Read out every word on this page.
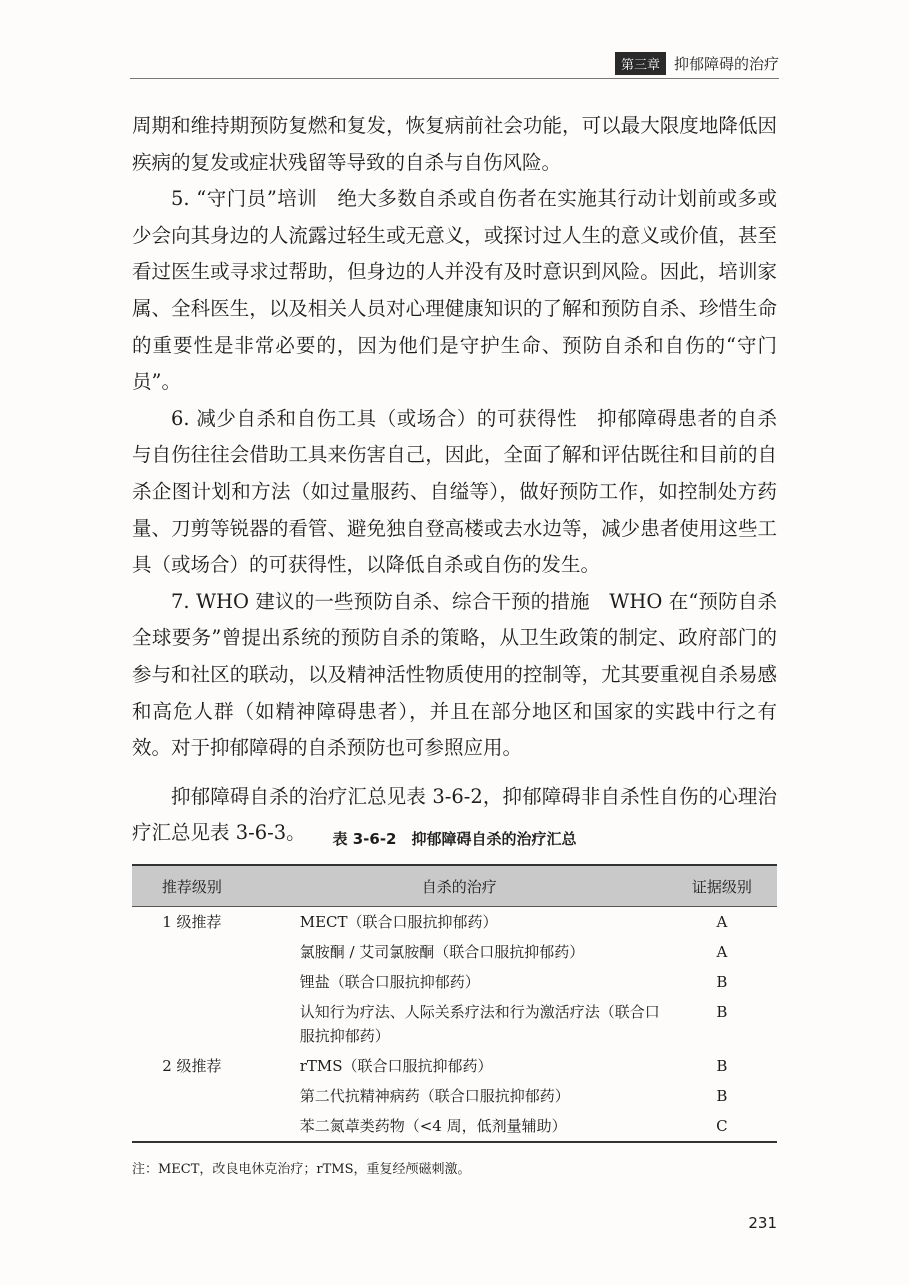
第三章 抑郁障碍的治疗

周期和维持期预防复燃和复发，恢复病前社会功能，可以最大限度地降低因疾病的复发或症状残留等导致的自杀与自伤风险。

5. “守门员”培训　绝大多数自杀或自伤者在实施其行动计划前或多或少会向其身边的人流露过轻生或无意义，或探讨过人生的意义或价值，甚至看过医生或寻求过帮助，但身边的人并没有及时意识到风险。因此，培训家属、全科医生，以及相关人员对心理健康知识的了解和预防自杀、珍惜生命的重要性是非常必要的，因为他们是守护生命、预防自杀和自伤的“守门员”。

6. 减少自杀和自伤工具（或场合）的可获得性　抑郁障碍患者的自杀与自伤往往会借助工具来伤害自己，因此，全面了解和评估既往和目前的自杀企图计划和方法（如过量服药、自缢等），做好预防工作，如控制处方药量、刀剪等锐器的看管、避免独自登高楼或去水边等，减少患者使用这些工具（或场合）的可获得性，以降低自杀或自伤的发生。

7. WHO 建议的一些预防自杀、综合干预的措施　WHO 在“预防自杀全球要务”曾提出系统的预防自杀的策略，从卫生政策的制定、政府部门的参与和社区的联动，以及精神活性物质使用的控制等，尤其要重视自杀易感和高危人群（如精神障碍患者），并且在部分地区和国家的实践中行之有效。对于抑郁障碍的自杀预防也可参照应用。

抑郁障碍自杀的治疗汇总见表 3-6-2，抑郁障碍非自杀性自伤的心理治疗汇总见表 3-6-3。	表 3-6-2　抑郁障碍自杀的治疗汇总
推荐级别	自杀的治疗	证据级别
1 级推荐	MECT（联合口服抗抑郁药）	A
	氯胺酮 / 艾司氯胺酮（联合口服抗抑郁药）	A
	锂盐（联合口服抗抑郁药）	B
	认知行为疗法、人际关系疗法和行为激活疗法（联合口服抗抑郁药）	B
2 级推荐	rTMS（联合口服抗抑郁药）	B
	第二代抗精神病药（联合口服抗抑郁药）	B
	苯二氮䓬类药物（<4 周，低剂量辅助）	C
注：MECT，改良电休克治疗；rTMS，重复经颅磁刺激。
231
